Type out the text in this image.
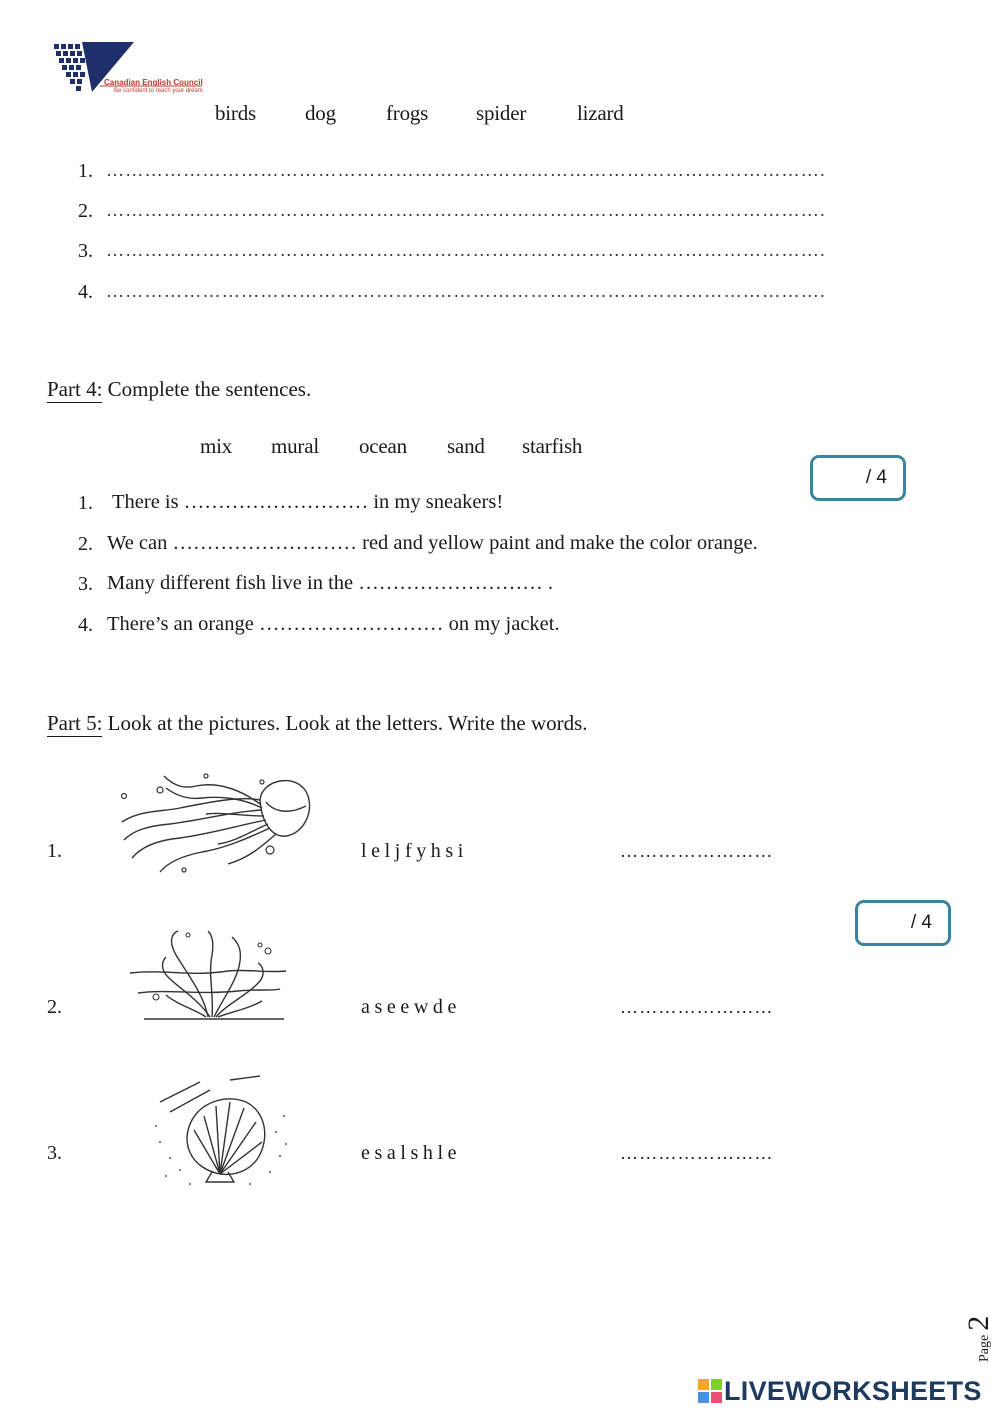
Canadian English Council
Be confident to reach your dream
birds dog frogs spider lizard
1. ………………………………………………………………………………………………….
2. ………………………………………………………………………………………………….
3. ………………………………………………………………………………………………….
4. ………………………………………………………………………………………………….
Part 4: Complete the sentences.
mix mural ocean sand starfish
/ 4
1. There is ……………………… in my sneakers!
2. We can ……………………… red and yellow paint and make the color orange.
3. Many different fish live in the ……………………… .
4. There’s an orange ……………………… on my jacket.
Part 5: Look at the pictures. Look at the letters. Write the words.
1.	leljfyhsi	……………………
/ 4
2.	aseewde	……………………
3.	esalshle	……………………
Page 2
LIVEWORKSHEETS
